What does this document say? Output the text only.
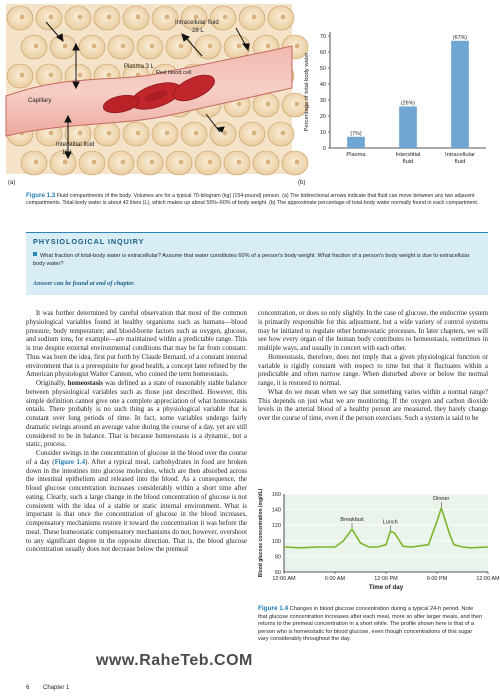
Intracellular fluid
28 L
Plasma 3 L
Capillary
Red blood cell
Interstitial fluid
11 L
(a)
0
10
20
30
40
50
60
70
Percentage of total-body water
(7%)
Plasma
(26%)
Interstitial
fluid
(67%)
Intracellular
fluid
(b)
Figure 1.3 Fluid compartments of the body. Volumes are for a typical 70-kilogram (kg) (154-pound) person. (a) The bidirectional arrows indicate that fluid can move between any two adjacent compartments. Total-body water is about 42 liters (L), which makes up about 55%–60% of body weight. (b) The approximate percentage of total-body water normally found in each compartment.
PHYSIOLOGICAL INQUIRY
What fraction of total-body water is extracellular? Assume that water constitutes 60% of a person's body weight. What fraction of a person's body weight is due to extracellular body water?
Answer can be found at end of chapter.

It was further determined by careful observation that most of the common physiological variables found in healthy organisms such as humans—blood pressure; body temperature; and blood-borne factors such as oxygen, glucose, and sodium ions, for example—are maintained within a predictable range. This is true despite external environmental conditions that may be far from constant. Thus was born the idea, first put forth by Claude Bernard, of a constant internal environment that is a prerequisite for good health, a concept later refined by the American physiologist Walter Cannon, who coined the term homeostasis.

Originally, homeostasis was defined as a state of reasonably stable balance between physiological variables such as those just described. However, this simple definition cannot give one a complete appreciation of what homeostasis entails. There probably is no such thing as a physiological variable that is constant over long periods of time. In fact, some variables undergo fairly dramatic swings around an average value during the course of a day, yet are still considered to be in balance. That is because homeostasis is a dynamic, not a static, process.

Consider swings in the concentration of glucose in the blood over the course of a day (Figure 1.4). After a typical meal, carbohydrates in food are broken down in the intestines into glucose molecules, which are then absorbed across the intestinal epithelium and released into the blood. As a consequence, the blood glucose concentration increases considerably within a short time after eating. Clearly, such a large change in the blood concentration of glucose is not consistent with the idea of a stable or static internal environment. What is important is that once the concentration of glucose in the blood increases, compensatory mechanisms restore it toward the concentration it was before the meal. These homeostatic compensatory mechanisms do not, however, overshoot to any significant degree in the opposite direction. That is, the blood glucose concentration usually does not decrease below the premeal

concentration, or does so only slightly. In the case of glucose, the endocrine system is primarily responsible for this adjustment, but a wide variety of control systems may be initiated to regulate other homeostatic processes. In later chapters, we will see how every organ of the human body contributes to homeostasis, sometimes in multiple ways, and usually in concert with each other.

Homeostasis, therefore, does not imply that a given physiological function or variable is rigidly constant with respect to time but that it fluctuates within a predictable and often narrow range. When disturbed above or below the normal range, it is restored to normal.

What do we mean when we say that something varies within a normal range? This depends on just what we are monitoring. If the oxygen and carbon dioxide levels in the arterial blood of a healthy person are measured, they barely change over the course of time, even if the person exercises. Such a system is said to be

60
80
100
120
140
160
12:00 AM	6:00 AM	12:00 PM	6:00 PM	12:00 AM
Time of day
Blood glucose concentration (mg/dL)	Breakfast	Lunch
Dinner
Figure 1.4 Changes in blood glucose concentration during a typical 24-h period. Note that glucose concentration increases after each meal, more so after larger meals, and then returns to the premeal concentration in a short while. The profile shown here is that of a person who is homeostatic for blood glucose, even though concentrations of this sugar vary considerably throughout the day.
www.RaheTeb.COM
6 Chapter 1
